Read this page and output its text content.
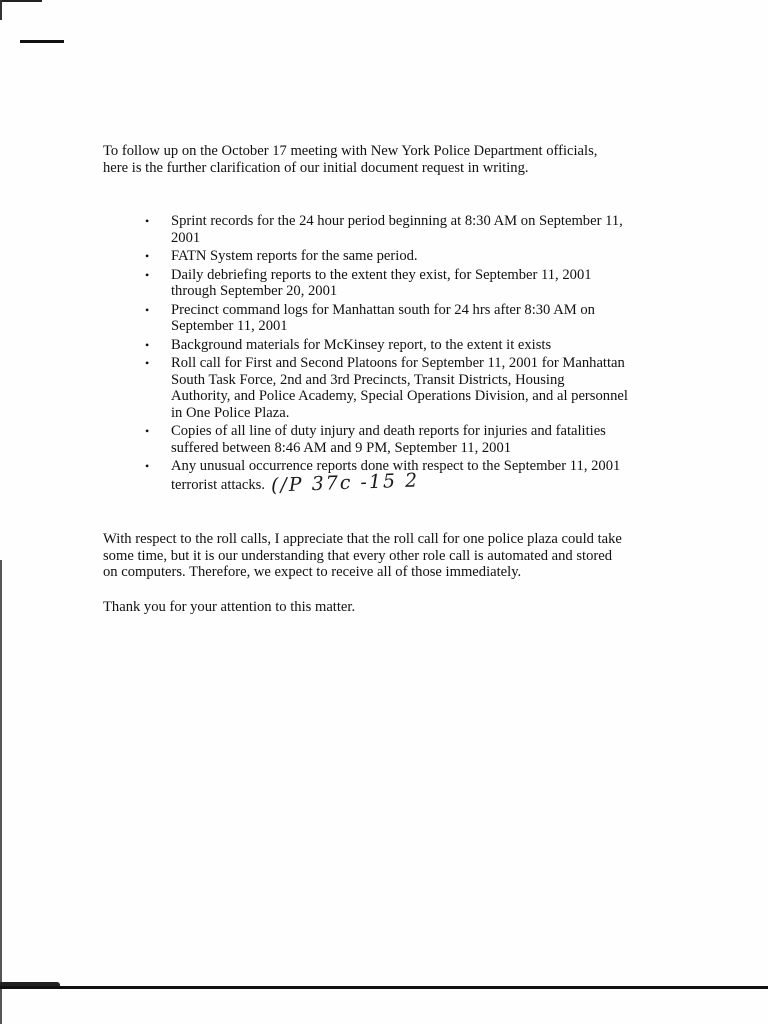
To follow up on the October 17 meeting with New York Police Department officials,
here is the further clarification of our initial document request in writing.

• Sprint records for the 24 hour period beginning at 8:30 AM on September 11,
2001
• FATN System reports for the same period.
• Daily debriefing reports to the extent they exist, for September 11, 2001
through September 20, 2001
• Precinct command logs for Manhattan south for 24 hrs after 8:30 AM on
September 11, 2001
• Background materials for McKinsey report, to the extent it exists
• Roll call for First and Second Platoons for September 11, 2001 for Manhattan
South Task Force, 2nd and 3rd Precincts, Transit Districts, Housing
Authority, and Police Academy, Special Operations Division, and al personnel
in One Police Plaza.
• Copies of all line of duty injury and death reports for injuries and fatalities
suffered between 8:46 AM and 9 PM, September 11, 2001
• Any unusual occurrence reports done with respect to the September 11, 2001
terrorist attacks. (/P 37c -15 2

With respect to the roll calls, I appreciate that the roll call for one police plaza could take
some time, but it is our understanding that every other role call is automated and stored
on computers. Therefore, we expect to receive all of those immediately.

Thank you for your attention to this matter.
